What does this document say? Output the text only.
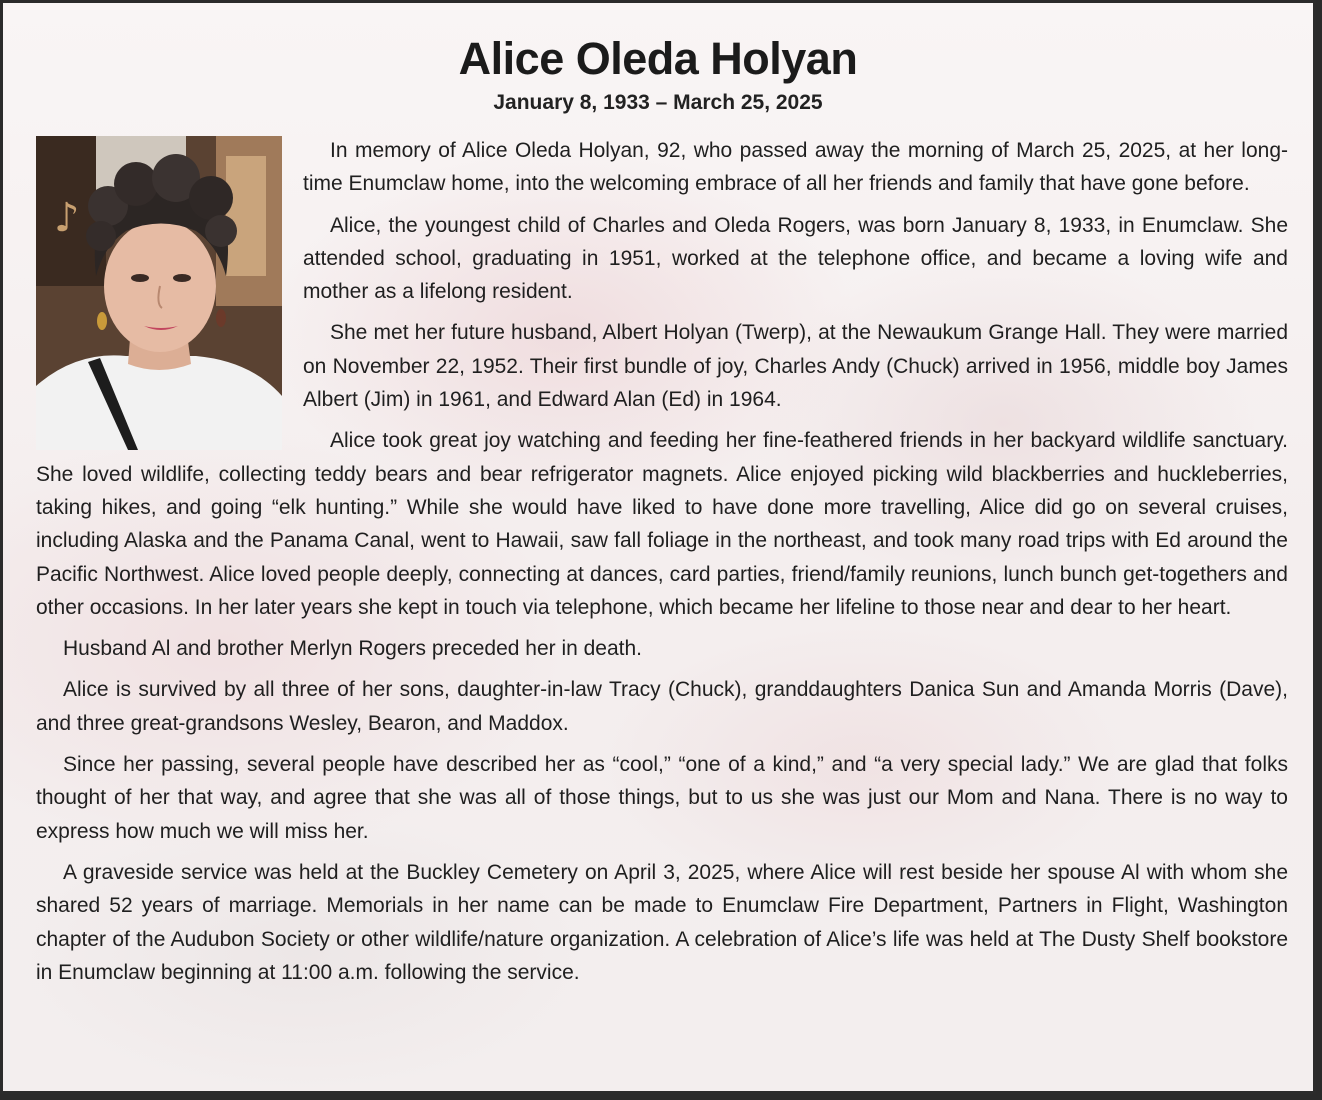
Alice Oleda Holyan
January 8, 1933 – March 25, 2025
♪

In memory of Alice Oleda Holyan, 92, who passed away the morning of March 25, 2025, at her long-time Enumclaw home, into the welcoming embrace of all her friends and family that have gone before.

Alice, the youngest child of Charles and Oleda Rogers, was born January 8, 1933, in Enumclaw. She attended school, graduating in 1951, worked at the telephone office, and became a loving wife and mother as a lifelong resident.

She met her future husband, Albert Holyan (Twerp), at the Newaukum Grange Hall. They were married on November 22, 1952. Their first bundle of joy, Charles Andy (Chuck) arrived in 1956, middle boy James Albert (Jim) in 1961, and Edward Alan (Ed) in 1964.

Alice took great joy watching and feeding her fine-feathered friends in her backyard wildlife sanctuary. She loved wildlife, collecting teddy bears and bear refrigerator magnets. Alice enjoyed picking wild blackberries and huckleberries, taking hikes, and going “elk hunting.” While she would have liked to have done more travelling, Alice did go on several cruises, including Alaska and the Panama Canal, went to Hawaii, saw fall foliage in the northeast, and took many road trips with Ed around the Pacific Northwest. Alice loved people deeply, connecting at dances, card parties, friend/family reunions, lunch bunch get-togethers and other occasions. In her later years she kept in touch via telephone, which became her lifeline to those near and dear to her heart.

Husband Al and brother Merlyn Rogers preceded her in death.

Alice is survived by all three of her sons, daughter-in-law Tracy (Chuck), granddaughters Danica Sun and Amanda Morris (Dave), and three great-grandsons Wesley, Bearon, and Maddox.

Since her passing, several people have described her as “cool,” “one of a kind,” and “a very special lady.” We are glad that folks thought of her that way, and agree that she was all of those things, but to us she was just our Mom and Nana. There is no way to express how much we will miss her.

A graveside service was held at the Buckley Cemetery on April 3, 2025, where Alice will rest beside her spouse Al with whom she shared 52 years of marriage. Memorials in her name can be made to Enumclaw Fire Department, Partners in Flight, Washington chapter of the Audubon Society or other wildlife/nature organization. A celebration of Alice’s life was held at The Dusty Shelf bookstore in Enumclaw beginning at 11:00 a.m. following the service.
